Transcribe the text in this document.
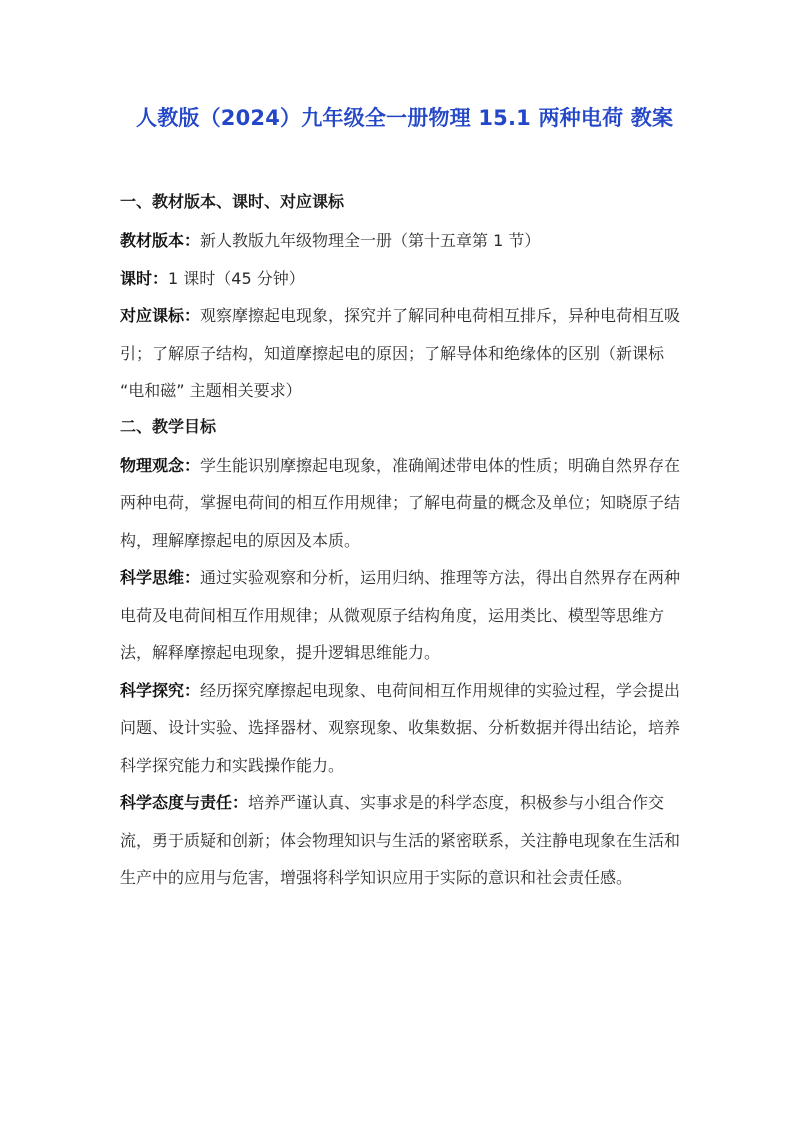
人教版（2024）九年级全一册物理 15.1 两种电荷 教案
一、教材版本、课时、对应课标

教材版本：新人教版九年级物理全一册（第十五章第 1 节）

课时：1 课时（45 分钟）

对应课标：观察摩擦起电现象，探究并了解同种电荷相互排斥，异种电荷相互吸引；了解原子结构，知道摩擦起电的原因；了解导体和绝缘体的区别（新课标 “电和磁” 主题相关要求）

二、教学目标

物理观念：学生能识别摩擦起电现象，准确阐述带电体的性质；明确自然界存在两种电荷，掌握电荷间的相互作用规律；了解电荷量的概念及单位；知晓原子结构，理解摩擦起电的原因及本质。

科学思维：通过实验观察和分析，运用归纳、推理等方法，得出自然界存在两种电荷及电荷间相互作用规律；从微观原子结构角度，运用类比、模型等思维方法，解释摩擦起电现象，提升逻辑思维能力。

科学探究：经历探究摩擦起电现象、电荷间相互作用规律的实验过程，学会提出问题、设计实验、选择器材、观察现象、收集数据、分析数据并得出结论，培养科学探究能力和实践操作能力。

科学态度与责任：培养严谨认真、实事求是的科学态度，积极参与小组合作交流，勇于质疑和创新；体会物理知识与生活的紧密联系，关注静电现象在生活和生产中的应用与危害，增强将科学知识应用于实际的意识和社会责任感。
